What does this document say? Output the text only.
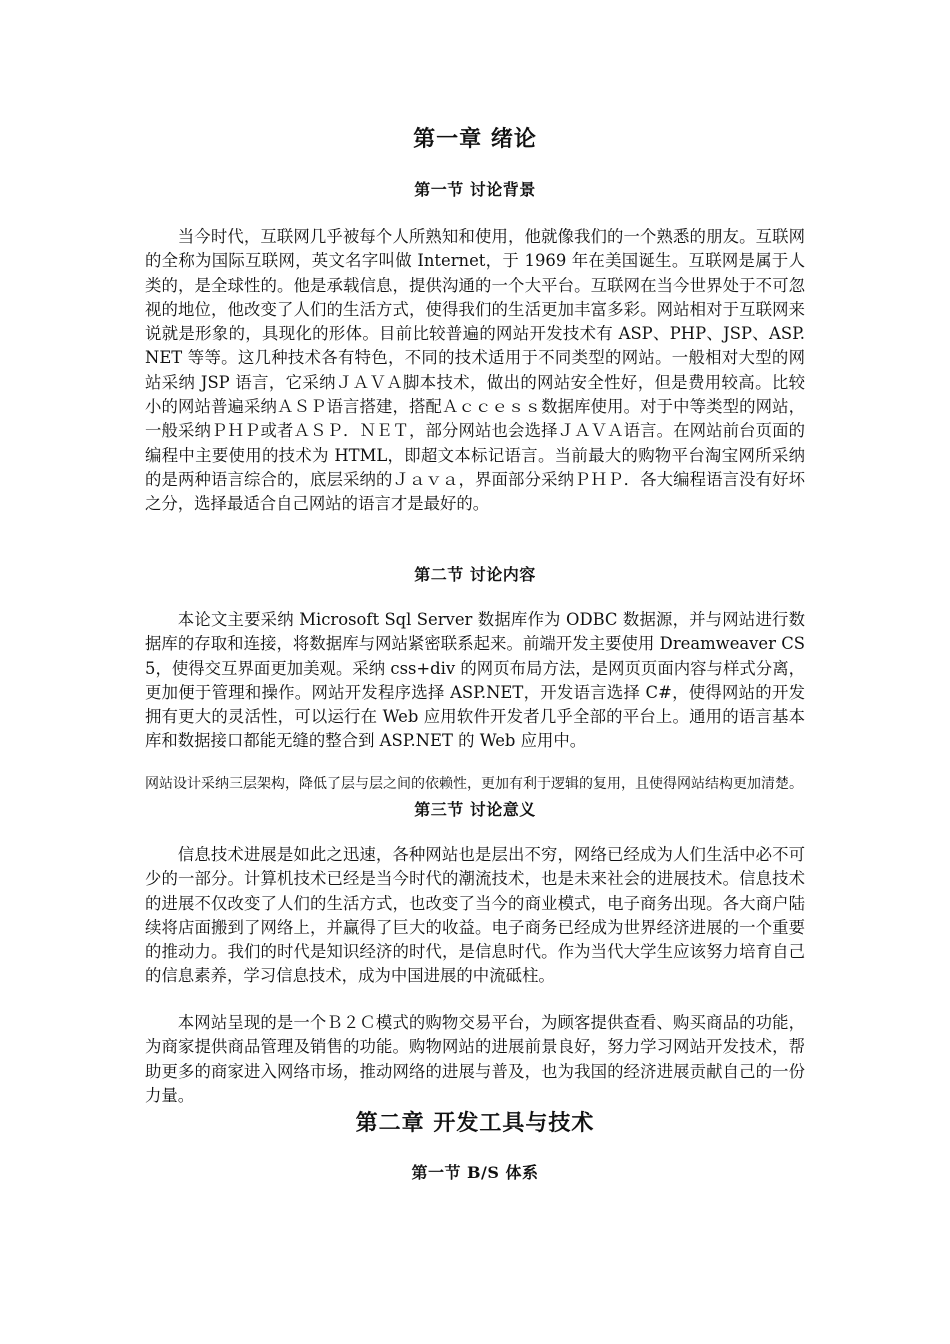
第一章 绪论
第一节 讨论背景

当今时代，互联网几乎被每个人所熟知和使用，他就像我们的一个熟悉的朋友。互联网的全称为国际互联网，英文名字叫做 Internet，于 1969 年在美国诞生。互联网是属于人类的，是全球性的。他是承载信息，提供沟通的一个大平台。互联网在当今世界处于不可忽视的地位，他改变了人们的生活方式，使得我们的生活更加丰富多彩。网站相对于互联网来说就是形象的，具现化的形体。目前比较普遍的网站开发技术有 ASP、PHP、JSP、ASP.NET 等等。这几种技术各有特色，不同的技术适用于不同类型的网站。一般相对大型的网站采纳 JSP 语言，它采纳ＪＡＶＡ脚本技术，做出的网站安全性好，但是费用较高。比较小的网站普遍采纳ＡＳＰ语言搭建，搭配Ａｃｃｅｓｓ数据库使用。对于中等类型的网站，一般采纳ＰＨＰ或者ＡＳＰ．ＮＥＴ，部分网站也会选择ＪＡＶＡ语言。在网站前台页面的编程中主要使用的技术为 HTML，即超文本标记语言。当前最大的购物平台淘宝网所采纳的是两种语言综合的，底层采纳的Ｊａｖａ，界面部分采纳ＰＨＰ．各大编程语言没有好坏之分，选择最适合自己网站的语言才是最好的。

第二节 讨论内容

本论文主要采纳 Microsoft Sql Server 数据库作为 ODBC 数据源，并与网站进行数据库的存取和连接，将数据库与网站紧密联系起来。前端开发主要使用 Dreamweaver CS5，使得交互界面更加美观。采纳 css+div 的网页布局方法，是网页页面内容与样式分离，更加便于管理和操作。网站开发程序选择 ASP.NET，开发语言选择 C#，使得网站的开发拥有更大的灵活性，可以运行在 Web 应用软件开发者几乎全部的平台上。通用的语言基本库和数据接口都能无缝的整合到 ASP.NET 的 Web 应用中。

网站设计采纳三层架构，降低了层与层之间的依赖性，更加有利于逻辑的复用，且使得网站结构更加清楚。

第三节 讨论意义

信息技术进展是如此之迅速，各种网站也是层出不穷，网络已经成为人们生活中必不可少的一部分。计算机技术已经是当今时代的潮流技术，也是未来社会的进展技术。信息技术的进展不仅改变了人们的生活方式，也改变了当今的商业模式，电子商务出现。各大商户陆续将店面搬到了网络上，并赢得了巨大的收益。电子商务已经成为世界经济进展的一个重要的推动力。我们的时代是知识经济的时代，是信息时代。作为当代大学生应该努力培育自己的信息素养，学习信息技术，成为中国进展的中流砥柱。

本网站呈现的是一个Ｂ２Ｃ模式的购物交易平台，为顾客提供查看、购买商品的功能，为商家提供商品管理及销售的功能。购物网站的进展前景良好，努力学习网站开发技术，帮助更多的商家进入网络市场，推动网络的进展与普及，也为我国的经济进展贡献自己的一份力量。

第二章 开发工具与技术
第一节 B/S 体系
